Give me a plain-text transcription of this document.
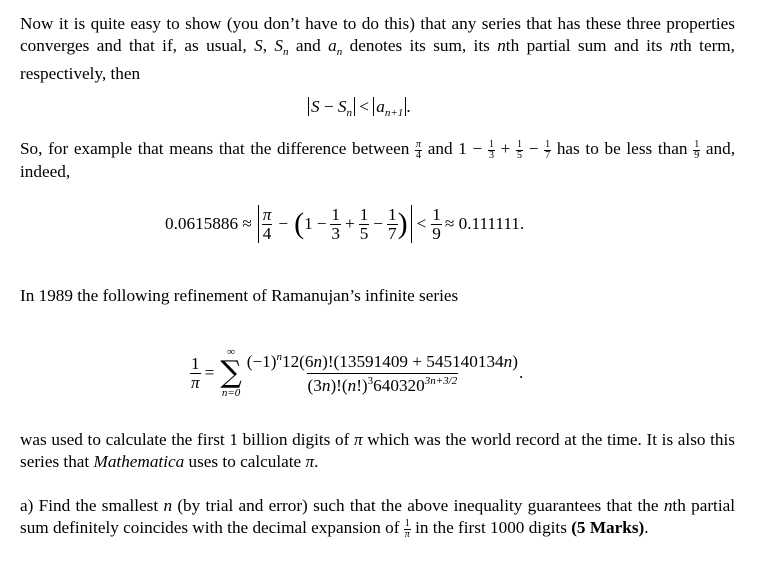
Now it is quite easy to show (you don’t have to do this) that any series that has these three properties converges and that if, as usual, S, $S_n$ and $a_n$ denotes its sum, its nth partial sum and its nth term, respectively, then

$S - S_n < a_{n+1}$ .

So, for example that means that the difference between $\frac{\pi}{4}$ and $1 - \frac{1}{3} + \frac{1}{5} - \frac{1}{7}$ has to be less than $\frac{1}{9}$ and, indeed,

$0.0615886 \approx \frac{\pi}{4}$ − ( $1 - \frac{1}{3} + \frac{1}{5} - \frac{1}{7}$ ) < $\frac{1}{9} \approx 0.111111$.

In 1989 the following refinement of Ramanujan’s infinite series

$\frac{1}{\pi}$ =
∞
∑
$n=0 \frac{(-1)^n12(6n)!(13591409 + 545140134n)}{(3n)!(n!)^3640320^{3n+3/2}}$ .

was used to calculate the first 1 billion digits of π which was the world record at the time. It is also this series that Mathematica uses to calculate π.

a) Find the smallest n (by trial and error) such that the above inequality guarantees that the nth partial sum definitely coincides with the decimal expansion of $\frac{1}{\pi}$ in the first 1000 digits (5 Marks).
